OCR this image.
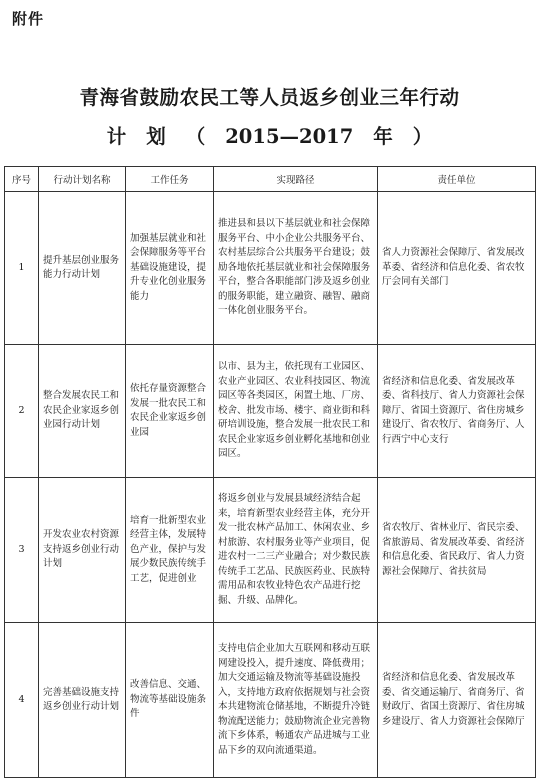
附件
青海省鼓励农民工等人员返乡创业三年行动
计 划 （ 2015—2017 年 ）
序号	行动计划名称	工作任务	实现路径	责任单位
1	提升基层创业服务能力行动计划	加强基层就业和社会保障服务等平台基础设施建设，提升专业化创业服务能力	推进县和县以下基层就业和社会保障服务平台、中小企业公共服务平台、农村基层综合公共服务平台建设；鼓励各地依托基层就业和社会保障服务平台，整合各职能部门涉及返乡创业的服务职能，建立融资、融智、融商一体化创业服务平台。	省人力资源社会保障厅、省发展改革委、省经济和信息化委、省农牧厅会同有关部门
2	整合发展农民工和农民企业家返乡创业园行动计划	依托存量资源整合发展一批农民工和农民企业家返乡创业园	以市、县为主，依托现有工业园区、农业产业园区、农业科技园区、物流园区等各类园区，闲置土地、厂房、校舍、批发市场、楼宇、商业街和科研培训设施，整合发展一批农民工和农民企业家返乡创业孵化基地和创业园区。	省经济和信息化委、省发展改革委、省科技厅、省人力资源社会保障厅、省国土资源厅、省住房城乡建设厅、省农牧厅、省商务厅、人行西宁中心支行
3	开发农业农村资源支持返乡创业行动计划	培育一批新型农业经营主体，发展特色产业，保护与发展少数民族传统手工艺，促进创业	将返乡创业与发展县域经济结合起来，培育新型农业经营主体，充分开发一批农林产品加工、休闲农业、乡村旅游、农村服务业等产业项目，促进农村一二三产业融合；对少数民族传统手工艺品、民族医药业、民族特需用品和农牧业特色农产品进行挖掘、升级、品牌化。	省农牧厅、省林业厅、省民宗委、省旅游局、省发展改革委、省经济和信息化委、省民政厅、省人力资源社会保障厅、省扶贫局
4	完善基础设施支持返乡创业行动计划	改善信息、交通、物流等基础设施条件	支持电信企业加大互联网和移动互联网建设投入，提升速度、降低费用；加大交通运输及物流等基础设施投入，支持地方政府依据规划与社会资本共建物流仓储基地，不断提升冷链物流配送能力；鼓励物流企业完善物流下乡体系，畅通农产品进城与工业品下乡的双向流通渠道。	省经济和信息化委、省发展改革委、省交通运输厅、省商务厅、省财政厅、省国土资源厅、省住房城乡建设厅、省人力资源社会保障厅
